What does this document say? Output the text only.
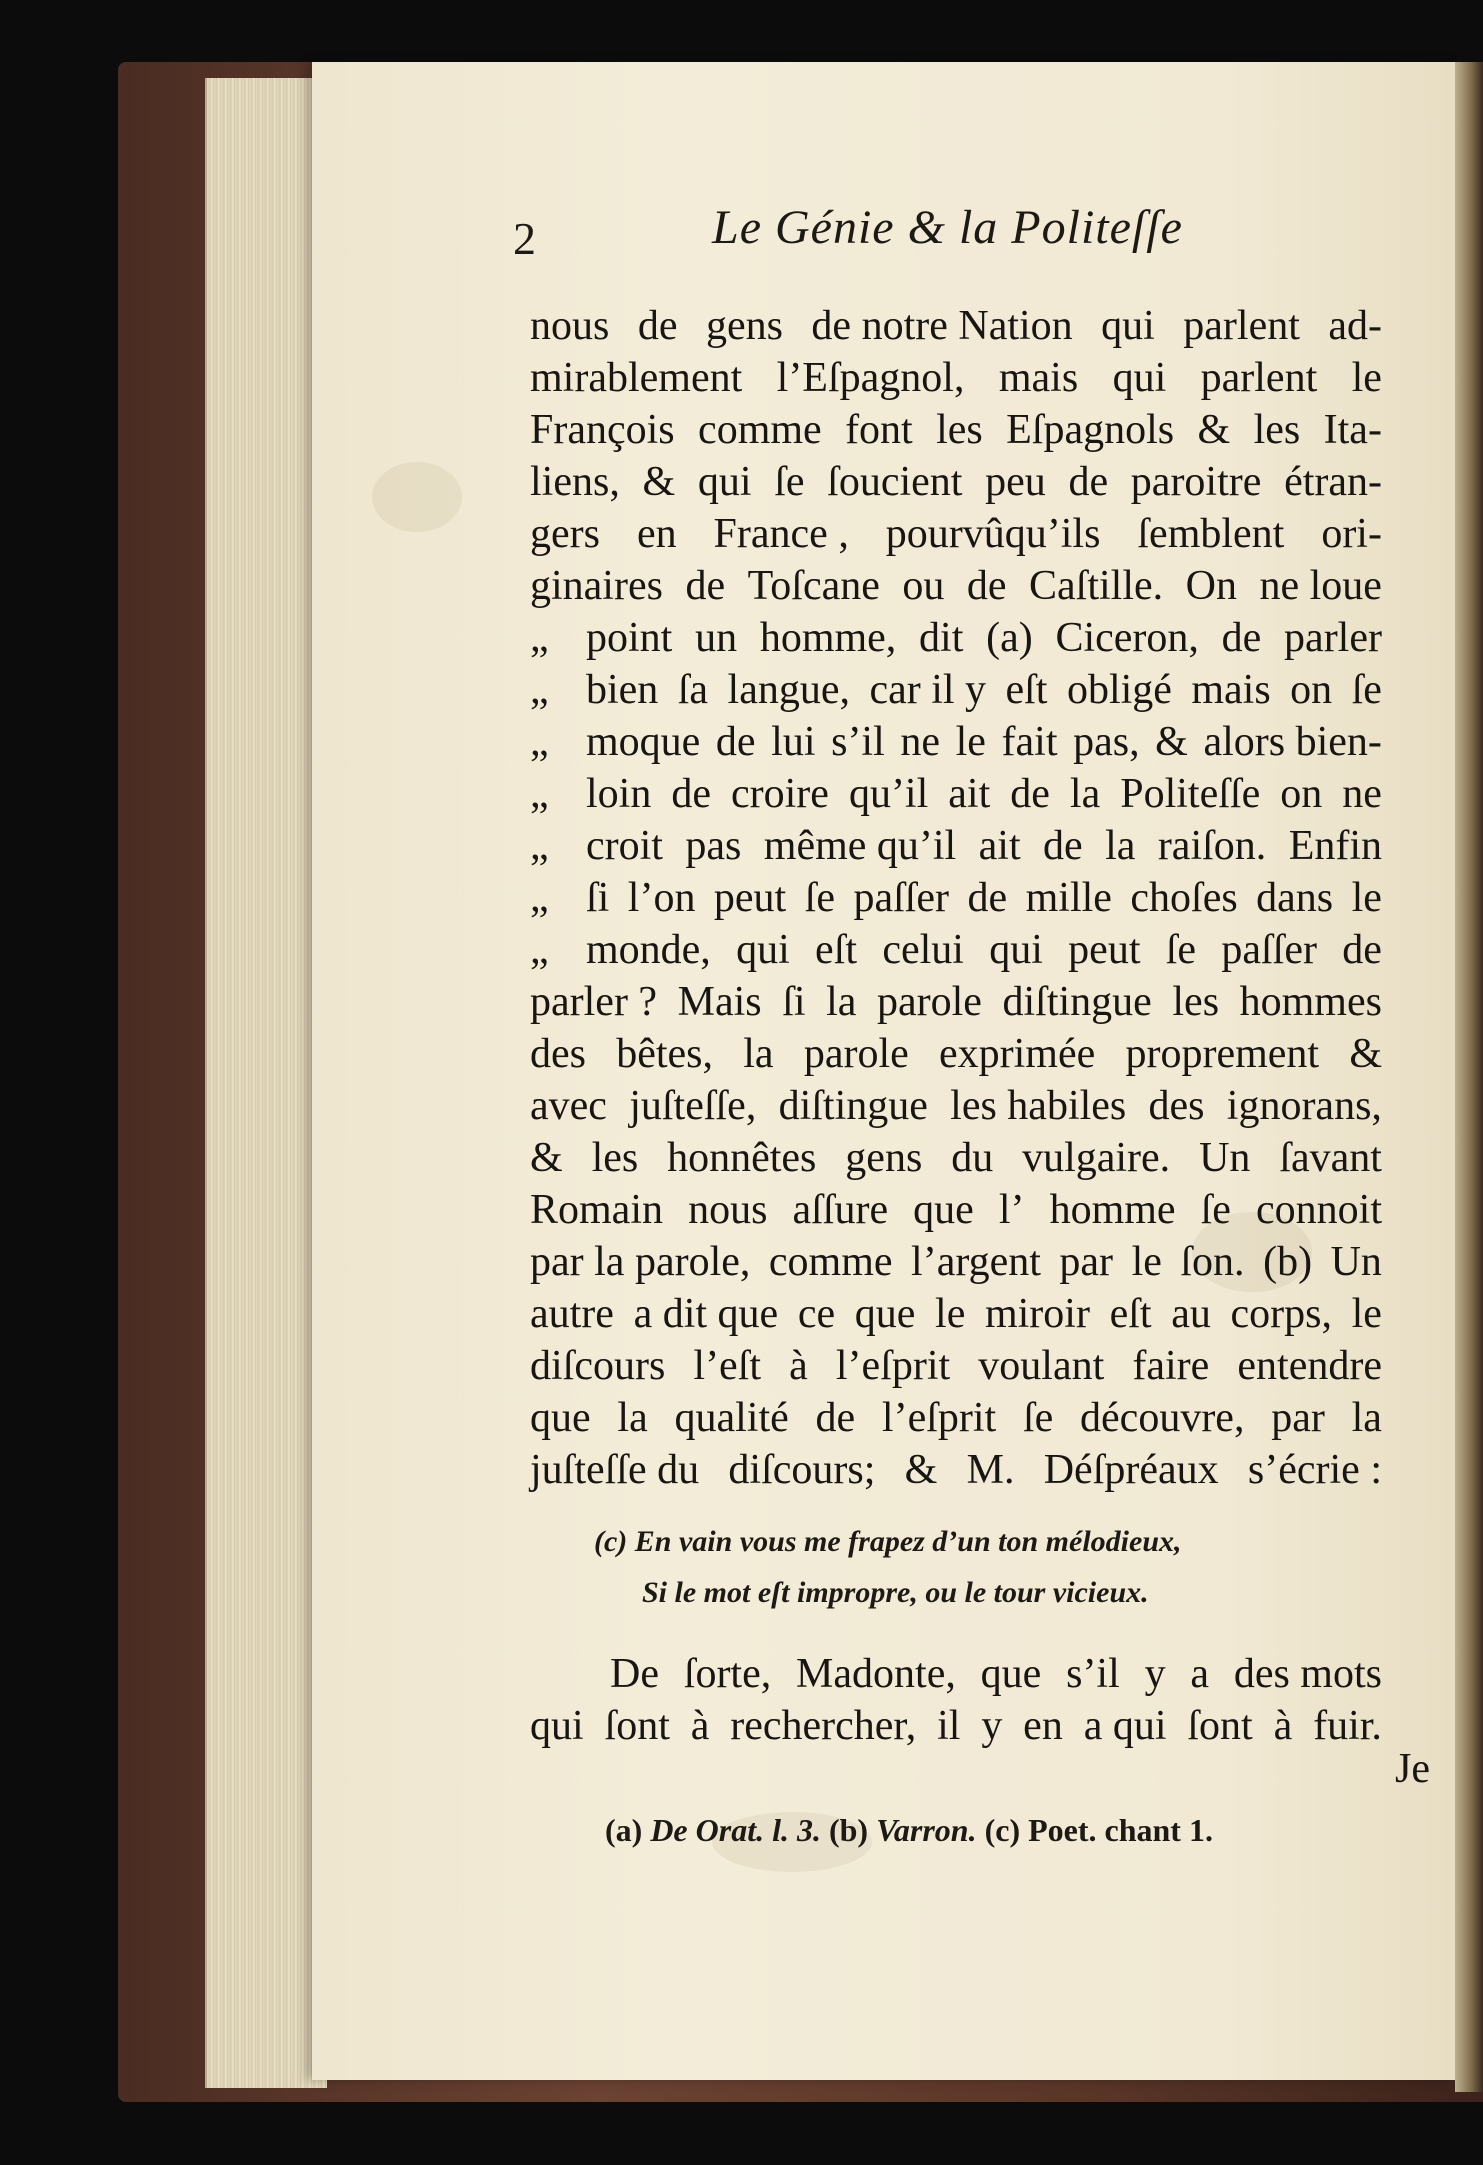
2	Le Génie & la Politeſſe
nous de gens de notre Nation qui parlent ad-
mirablement l’Eſpagnol, mais qui parlent le
François comme font les Eſpagnols & les Ita-
liens, & qui ſe ſoucient peu de paroitre étran-
gers en France , pourvûqu’ils ſemblent ori-
ginaires de Toſcane ou de Caſtille. On ne loue
„ point un homme, dit (a) Ciceron, de parler
„ bien ſa langue, car il y eſt obligé mais on ſe
„ moque de lui s’il ne le fait pas, & alors bien-
„ loin de croire qu’il ait de la Politeſſe on ne
„ croit pas même qu’il ait de la raiſon. Enfin
„ ſi l’on peut ſe paſſer de mille choſes dans le
„ monde, qui eſt celui qui peut ſe paſſer de
parler ? Mais ſi la parole diſtingue les hommes
des bêtes, la parole exprimée proprement &
avec juſteſſe, diſtingue les habiles des ignorans,
& les honnêtes gens du vulgaire. Un ſavant
Romain nous aſſure que l’ homme ſe connoit
par la parole, comme l’argent par le ſon. (b) Un
autre a dit que ce que le miroir eſt au corps, le
diſcours l’eſt à l’eſprit voulant faire entendre
que la qualité de l’eſprit ſe découvre, par la
juſteſſe du diſcours; & M. Déſpréaux s’écrie :
(c) En vain vous me frapez d’un ton mélodieux,
Si le mot eſt impropre, ou le tour vicieux.
De ſorte, Madonte, que s’il y a des mots
qui ſont à rechercher, il y en a qui ſont à fuir.
Je
(a) De Orat. l. 3. (b) Varron. (c) Poet. chant 1.
